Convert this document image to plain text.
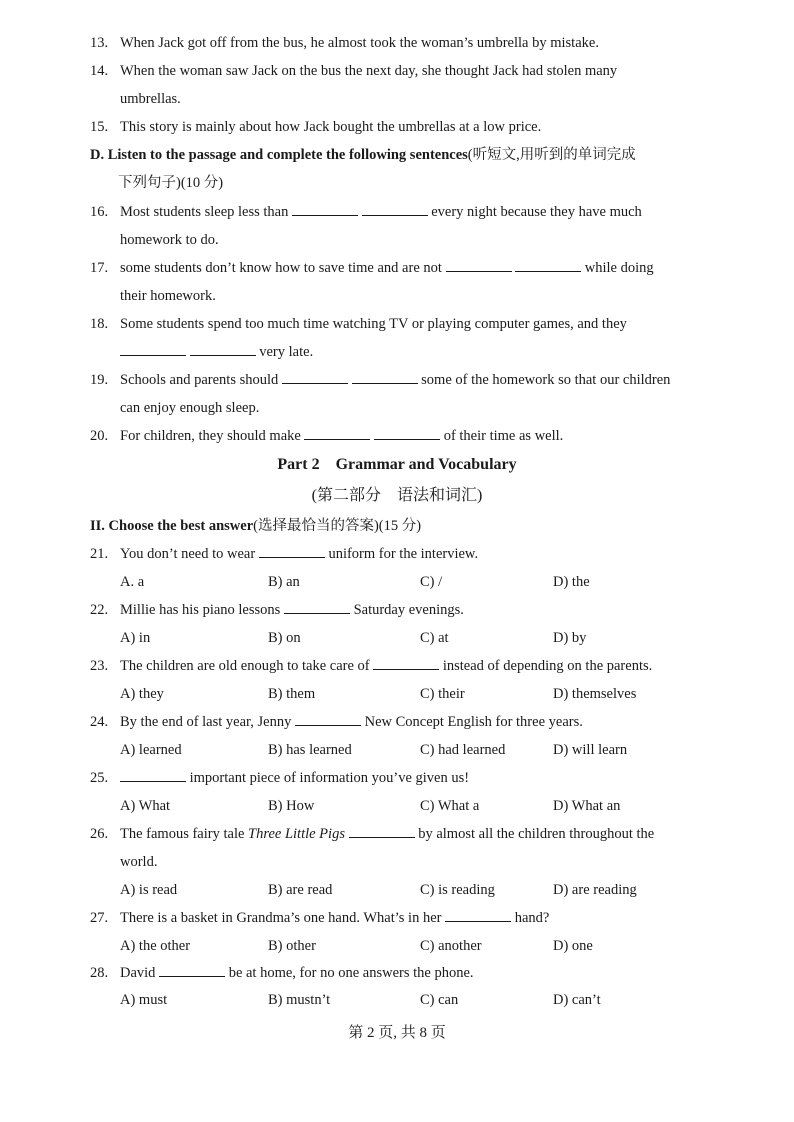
13. When Jack got off from the bus, he almost took the woman’s umbrella by mistake.
14. When the woman saw Jack on the bus the next day, she thought Jack had stolen many
umbrellas.
15. This story is mainly about how Jack bought the umbrellas at a low price.
D. Listen to the passage and complete the following sentences(听短文,用听到的单词完成
下列句子)(10 分)
16. Most students sleep less than	every night because they have much
homework to do.
17. some students don’t know how to save time and are not	while doing
their homework.
18. Some students spend too much time watching TV or playing computer games, and they
very late.
19. Schools and parents should	some of the homework so that our children
can enjoy enough sleep.
20. For children, they should make	of their time as well.
Part 2    Grammar and Vocabulary
(第二部分    语法和词汇)
II. Choose the best answer(选择最恰当的答案)(15 分)
21. You don’t need to wear	uniform for the interview.
A. a	B) an	C) /	D) the
22. Millie has his piano lessons	Saturday evenings.
A) in	B) on	C) at	D) by
23. The children are old enough to take care of	instead of depending on the parents.
A) they	B) them	C) their	D) themselves
24. By the end of last year, Jenny	New Concept English for three years.
A) learned	B) has learned	C) had learned	D) will learn
25.	important piece of information you’ve given us!
A) What	B) How	C) What a	D) What an
26. The famous fairy tale Three Little Pigs	by almost all the children throughout the
world.
A) is read	B) are read	C) is reading	D) are reading
27. There is a basket in Grandma’s one hand. What’s in her	hand?
A) the other	B) other	C) another	D) one
28. David	be at home, for no one answers the phone.
A) must	B) mustn’t	C) can	D) can’t
第 2 页, 共 8 页
